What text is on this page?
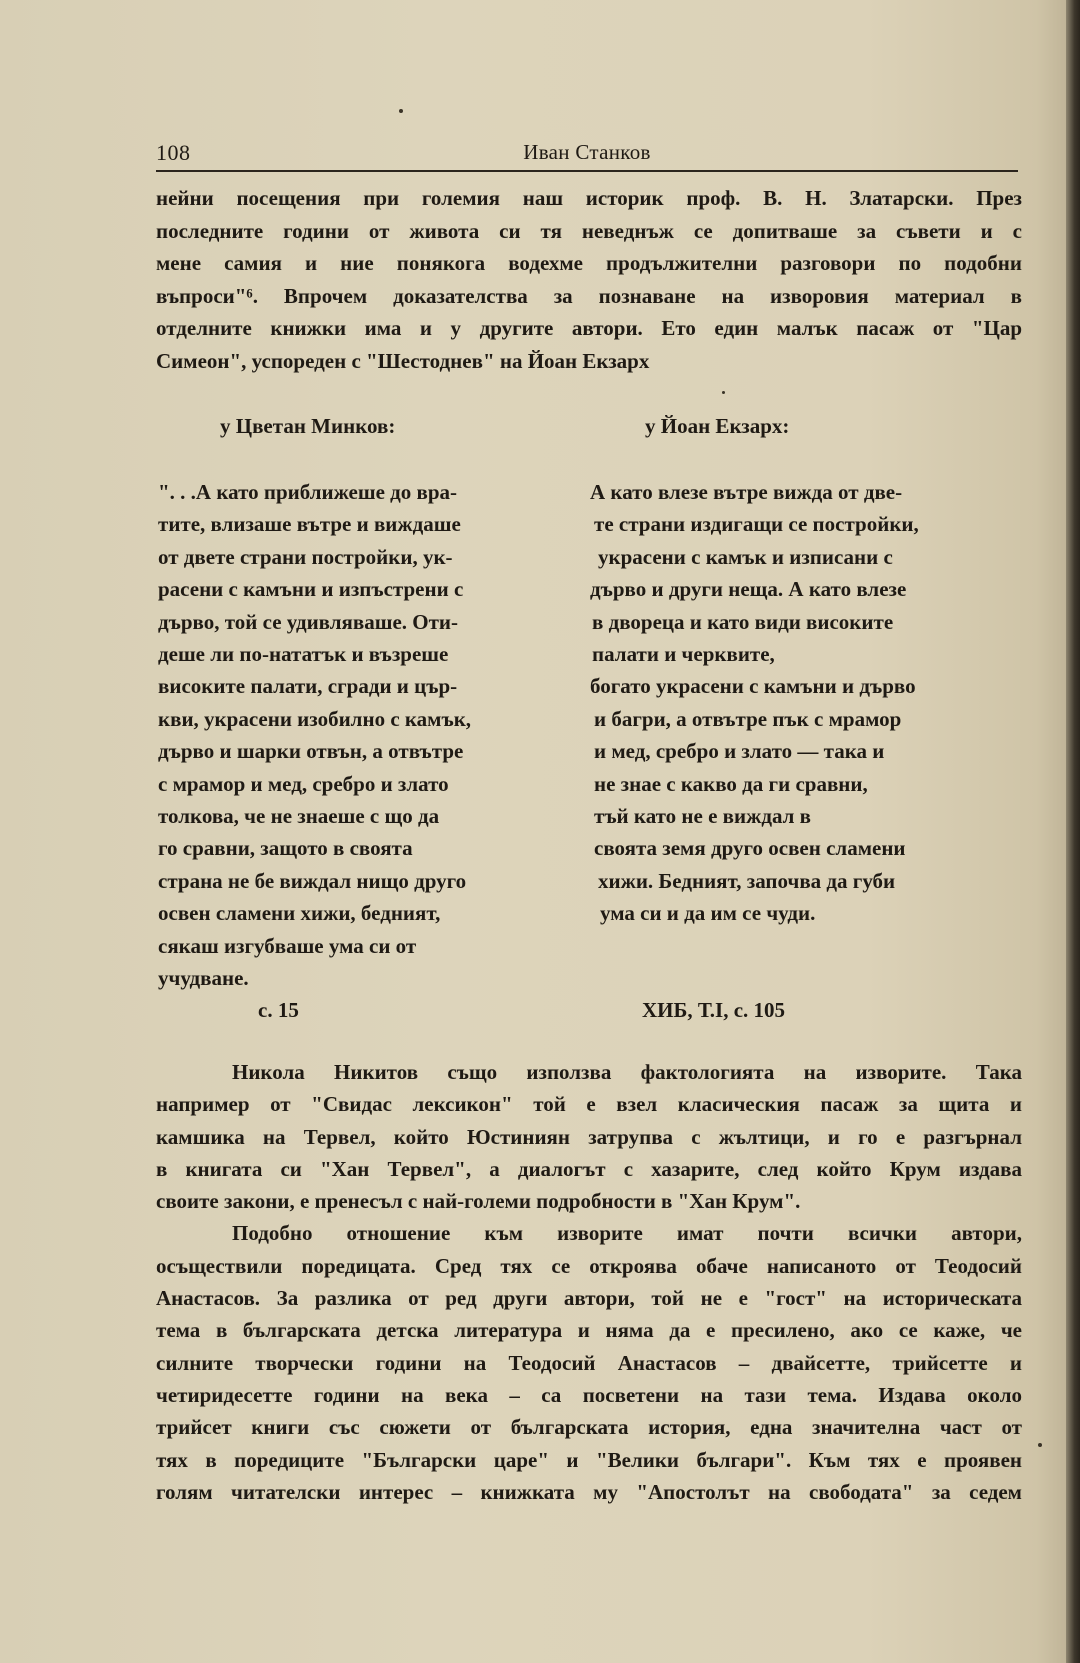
108	Иван Станков
нейни посещения при големия наш историк проф. В. Н. Златарски. През
последните години от живота си тя неведнъж се допитваше за съвети и с
мене самия и ние понякога водехме продължителни разговори по подобни
въпроси"⁶. Впрочем доказателства за познаване на изворовия материал в
отделните книжки има и у другите автори. Ето един малък пасаж от "Цар
Симеон", успореден с "Шестоднев" на Йоан Екзарх
у Цветан Минков:
". . .А като приближеше до вра-
тите, влизаше вътре и виждаше
от двете страни постройки, ук-
расени с камъни и изпъстрени с
дърво, той се удивляваше. Оти-
деше ли по-нататък и възреше
високите палати, сгради и цър-
кви, украсени изобилно с камък,
дърво и шарки отвън, а отвътре
с мрамор и мед, сребро и злато
толкова, че не знаеше с що да
го сравни, защото в своята
страна не бе виждал нищо друго
освен сламени хижи, бедният,
сякаш изгубваше ума си от
учудване.
с. 15
у Йоан Екзарх:
А като влезе вътре вижда от две-
те страни издигащи се постройки,
украсени с камък и изписани с
дърво и други неща. А като влезе
в двореца и като види високите
палати и черквите,
богато украсени с камъни и дърво
и багри, а отвътре пък с мрамор
и мед, сребро и злато — така и
не знае с какво да ги сравни,
тъй като не е виждал в
своята земя друго освен сламени
хижи. Бедният, започва да губи
ума си и да им се чуди.
ХИБ, Т.I, с. 105
Никола Никитов също използва фактологията на изворите. Така
например от "Свидас лексикон" той е взел класическия пасаж за щита и
камшика на Тервел, който Юстиниян затрупва с жълтици, и го е разгърнал
в книгата си "Хан Тервел", а диалогът с хазарите, след който Крум издава
своите закони, е пренесъл с най-големи подробности в "Хан Крум".
Подобно отношение към изворите имат почти всички автори,
осъществили поредицата. Сред тях се откроява обаче написаното от Теодосий
Анастасов. За разлика от ред други автори, той не е "гост" на историческата
тема в българската детска литература и няма да е пресилено, ако се каже, че
силните творчески години на Теодосий Анастасов – двайсетте, трийсетте и
четиридесетте години на века – са посветени на тази тема. Издава около
трийсет книги със сюжети от българската история, една значителна част от
тях в поредиците "Български царе" и "Велики българи". Към тях е проявен
голям читателски интерес – книжката му "Апостолът на свободата" за седем
